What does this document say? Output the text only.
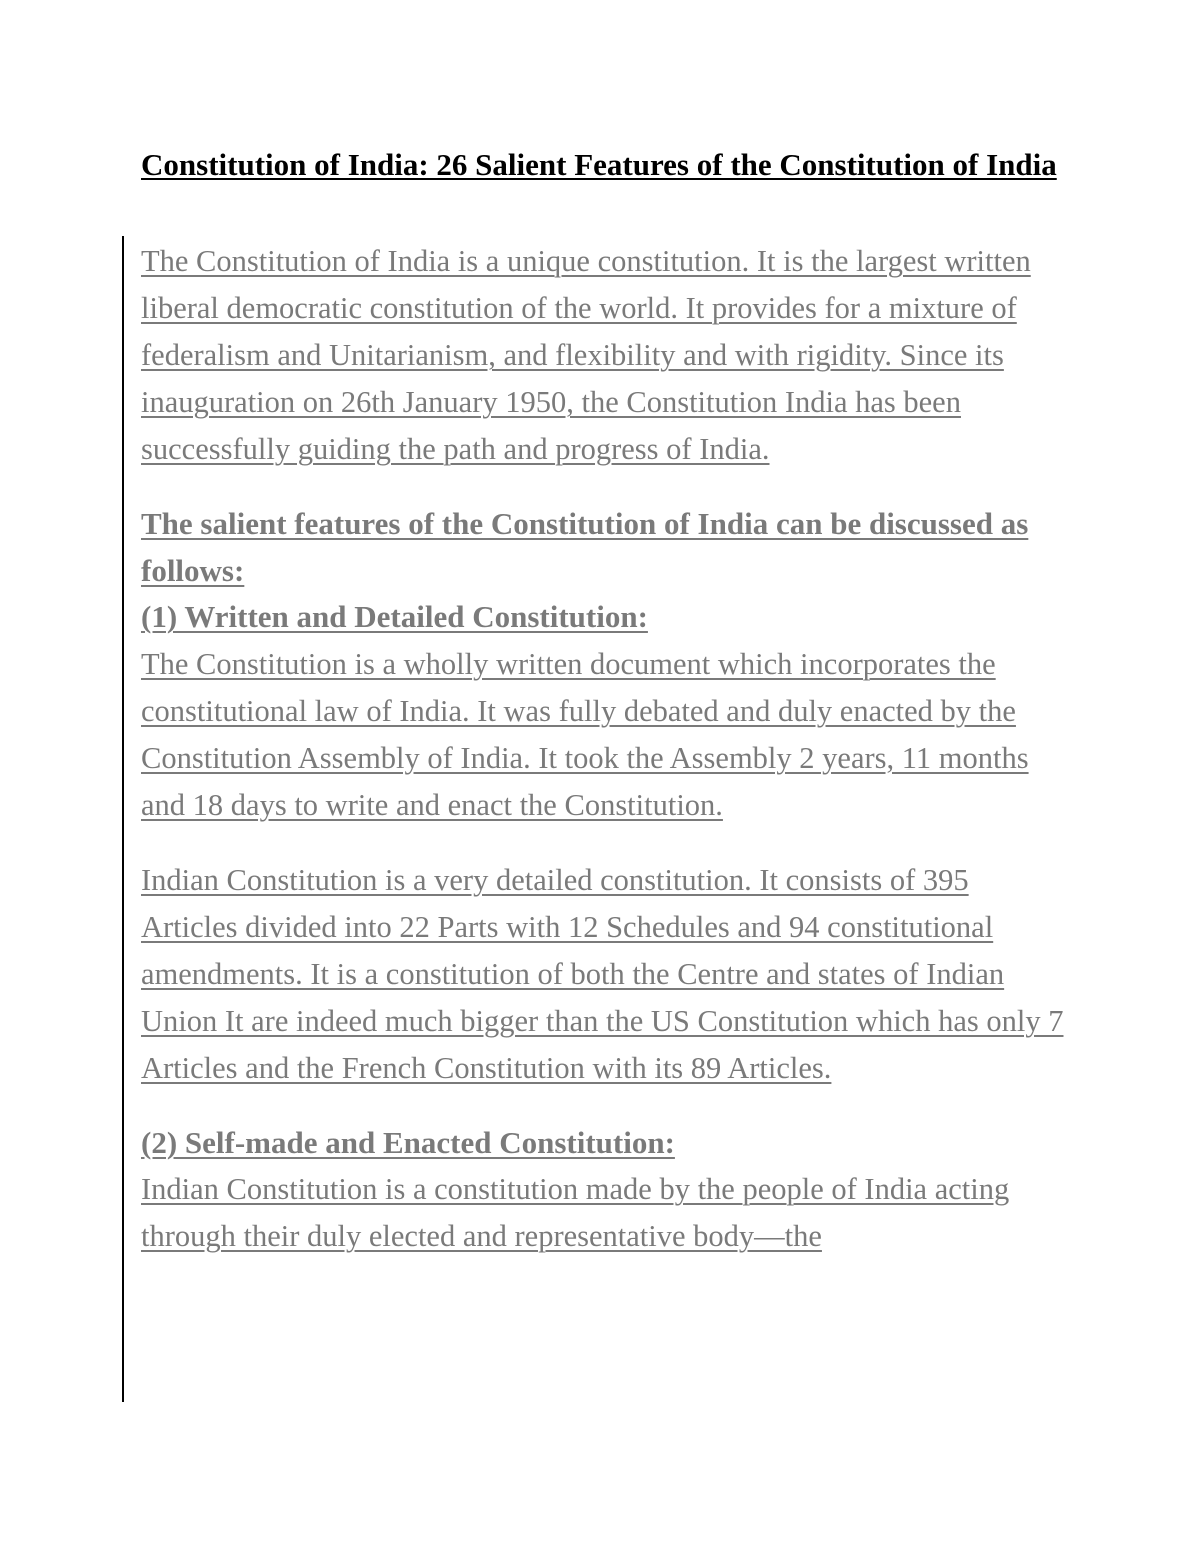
Constitution of India: 26 Salient Features of the Constitution of India

The Constitution of India is a unique constitution. It is the largest written liberal democratic constitution of the world. It provides for a mixture of federalism and Unitarianism, and flexibility and with rigidity. Since its inauguration on 26th January 1950, the Constitution India has been successfully guiding the path and progress of India.

The salient features of the Constitution of India can be discussed as follows:

(1) Written and Detailed Constitution:

The Constitution is a wholly written document which incorporates the constitutional law of India. It was fully debated and duly enacted by the Constitution Assembly of India. It took the Assembly 2 years, 11 months and 18 days to write and enact the Constitution.

Indian Constitution is a very detailed constitution. It consists of 395 Articles divided into 22 Parts with 12 Schedules and 94 constitutional amendments. It is a constitution of both the Centre and states of Indian Union It are indeed much bigger than the US Constitution which has only 7 Articles and the French Constitution with its 89 Articles.

(2) Self-made and Enacted Constitution:

Indian Constitution is a constitution made by the people of India acting through their duly elected and representative body—the
